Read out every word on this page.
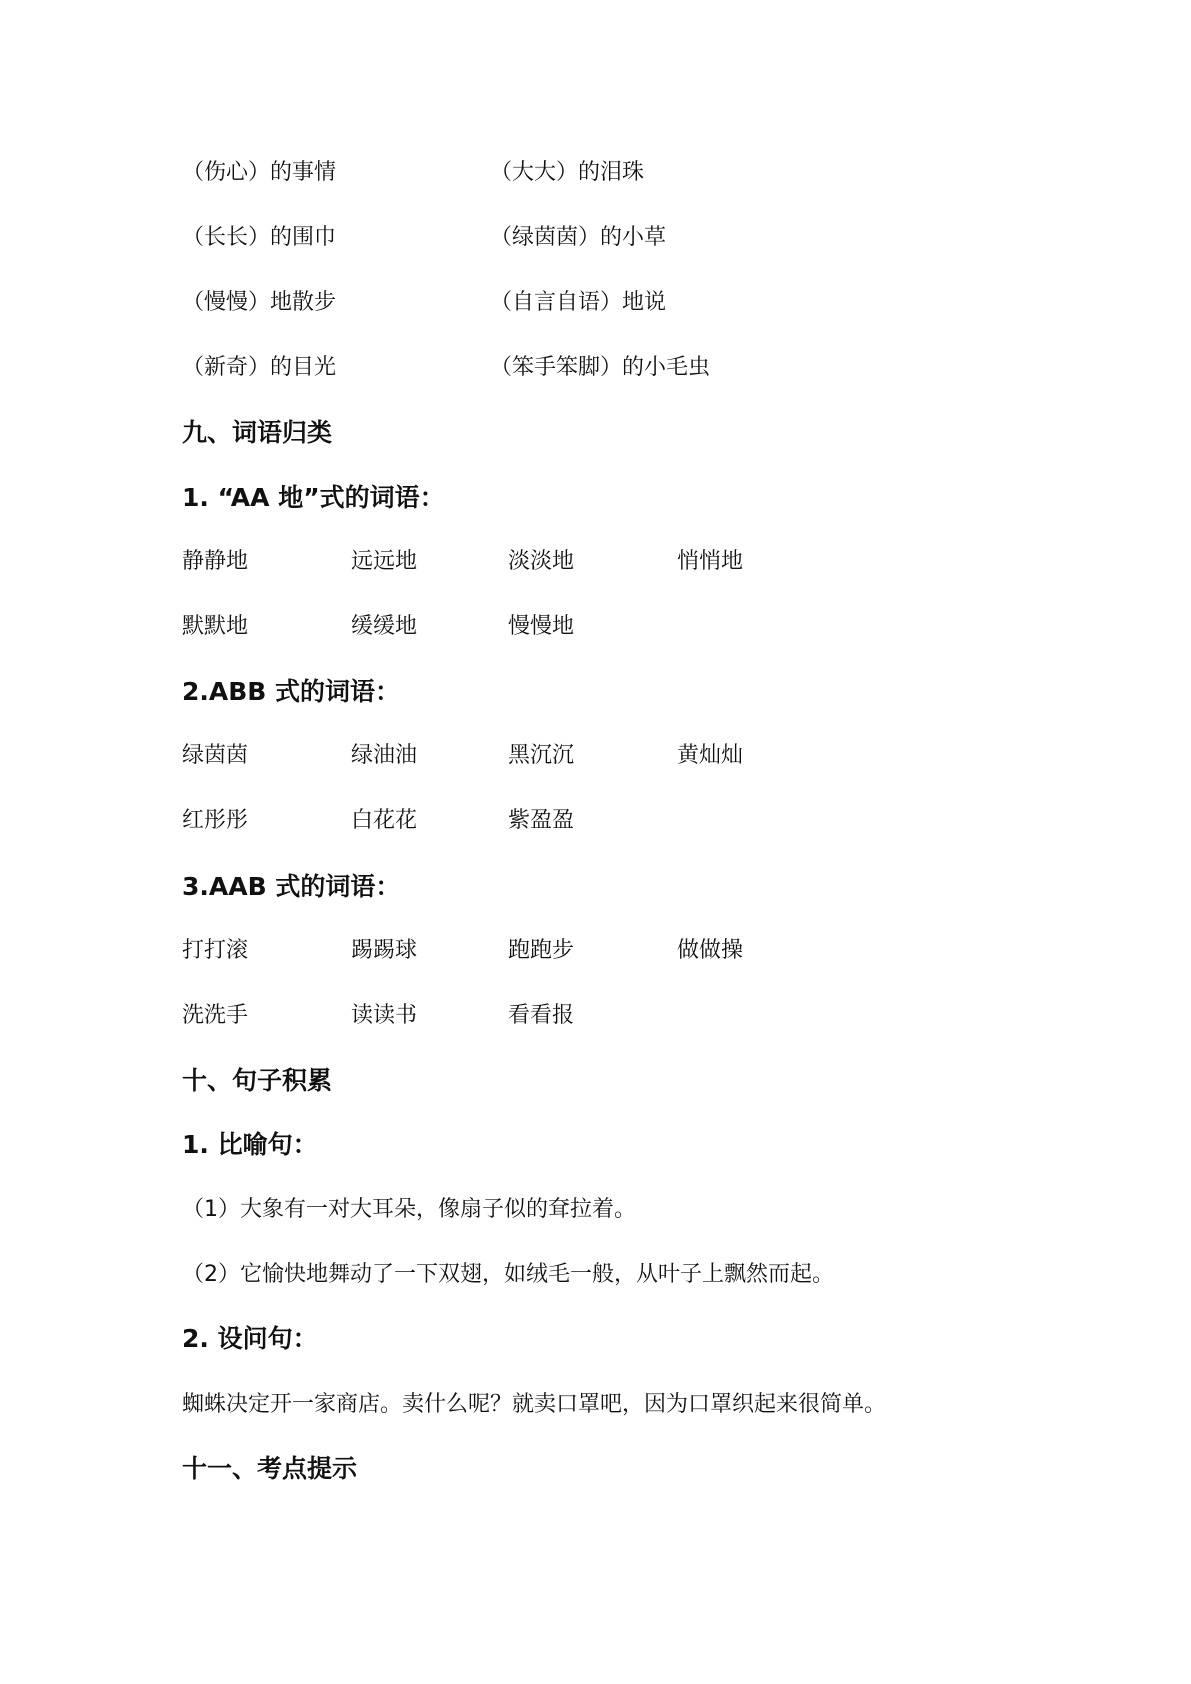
（伤心）的事情	（大大）的泪珠
（长长）的围巾	（绿茵茵）的小草
（慢慢）地散步	（自言自语）地说
（新奇）的目光	（笨手笨脚）的小毛虫
九、词语归类
1. “AA 地”式的词语：
静静地	远远地	淡淡地	悄悄地
默默地	缓缓地	慢慢地
2.ABB 式的词语：
绿茵茵	绿油油	黑沉沉	黄灿灿
红彤彤	白花花	紫盈盈
3.AAB 式的词语：
打打滚	踢踢球	跑跑步	做做操
洗洗手	读读书	看看报
十、句子积累
1. 比喻句：
（1）大象有一对大耳朵，像扇子似的耷拉着。
（2）它愉快地舞动了一下双翅，如绒毛一般，从叶子上飘然而起。
2. 设问句：
蜘蛛决定开一家商店。卖什么呢？就卖口罩吧，因为口罩织起来很简单。
十一、考点提示
